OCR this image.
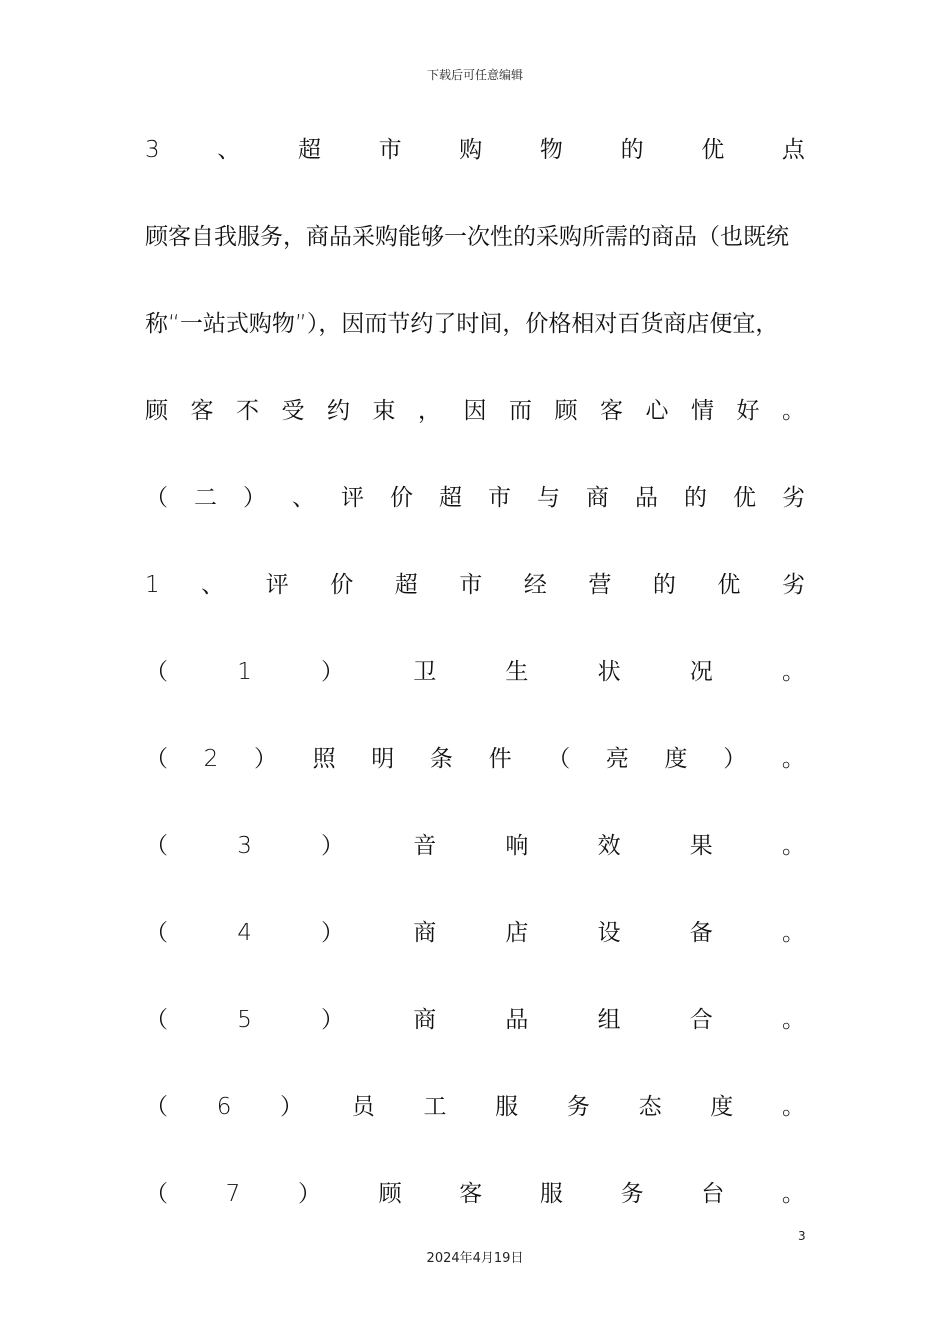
下载后可任意编辑
3	、	超	市	购	物	的	优	点
顾客自我服务，商品采购能够一次性的采购所需的商品（也既统
称“一站式购物”），因而节约了时间，价格相对百货商店便宜，
顾 客 不 受 约 束 ， 因 而 顾 客 心 情 好 。
（ 二 ） 、 评 价 超 市 与 商 品 的 优 劣
1 、 评 价 超 市 经 营 的 优 劣
（	1	）	卫	生	状	况	。
（ 2 ） 照 明 条 件 （ 亮 度 ） 。
（	3	）	音	响	效	果	。
（	4	）	商	店	设	备	。
（	5	）	商	品	组	合	。
（ 6 ） 员 工 服 务 态 度 。
（	7	）	顾	客	服	务	台	。
3
2024年4月19日
